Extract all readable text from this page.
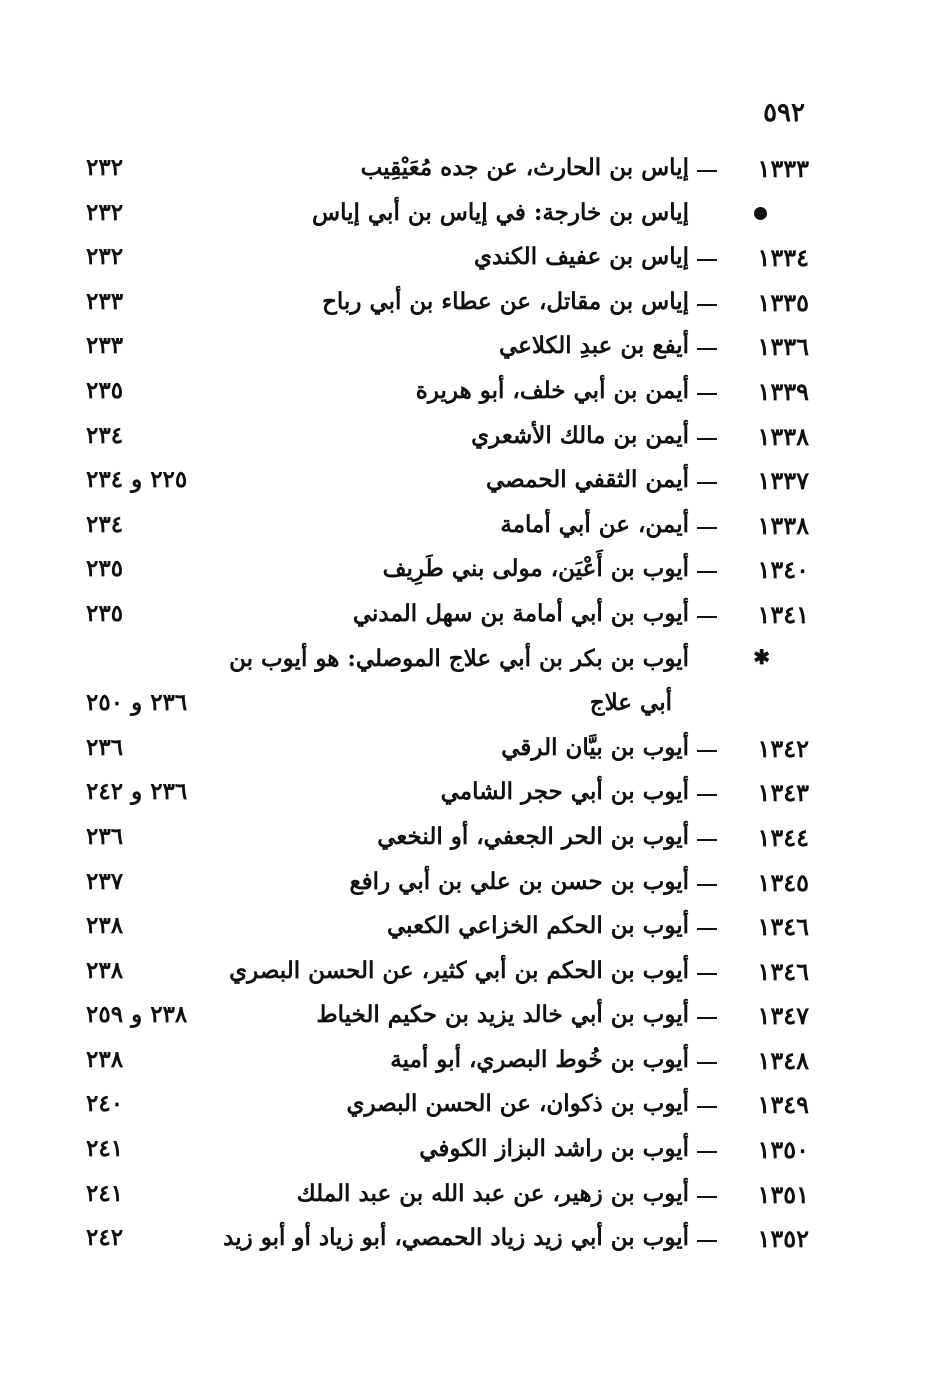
٥٩٢
١٣٣٣
إياس بن الحارث، عن جده مُعَيْقِيب
٢٣٢
إياس بن خارجة: في إياس بن أبي إياس
٢٣٢
١٣٣٤
إياس بن عفيف الكندي
٢٣٢
١٣٣٥
إياس بن مقاتل، عن عطاء بن أبي رباح
٢٣٣
١٣٣٦
أيفع بن عبدِ الكلاعي
٢٣٣
١٣٣٩
أيمن بن أبي خلف، أبو هريرة
٢٣٥
١٣٣٨
أيمن بن مالك الأشعري
٢٣٤
١٣٣٧
أيمن الثقفي الحمصي
٢٢٥ و ٢٣٤
١٣٣٨
أيمن، عن أبي أمامة
٢٣٤
١٣٤٠
أيوب بن أَعْيَن، مولى بني طَرِيف
٢٣٥
١٣٤١
أيوب بن أبي أمامة بن سهل المدني
٢٣٥
✱
أيوب بن بكر بن أبي علاج الموصلي: هو أيوب بن
أبي علاج
٢٣٦ و ٢٥٠
١٣٤٢
أيوب بن بيَّان الرقي
٢٣٦
١٣٤٣
أيوب بن أبي حجر الشامي
٢٣٦ و ٢٤٢
١٣٤٤
أيوب بن الحر الجعفي، أو النخعي
٢٣٦
١٣٤٥
أيوب بن حسن بن علي بن أبي رافع
٢٣٧
١٣٤٦
أيوب بن الحكم الخزاعي الكعبي
٢٣٨
١٣٤٦
أيوب بن الحكم بن أبي كثير، عن الحسن البصري
٢٣٨
١٣٤٧
أيوب بن أبي خالد يزيد بن حكيم الخياط
٢٣٨ و ٢٥٩
١٣٤٨
أيوب بن خُوط البصري، أبو أمية
٢٣٨
١٣٤٩
أيوب بن ذكوان، عن الحسن البصري
٢٤٠
١٣٥٠
أيوب بن راشد البزاز الكوفي
٢٤١
١٣٥١
أيوب بن زهير، عن عبد الله بن عبد الملك
٢٤١
١٣٥٢
أيوب بن أبي زيد زياد الحمصي، أبو زياد أو أبو زيد
٢٤٢
